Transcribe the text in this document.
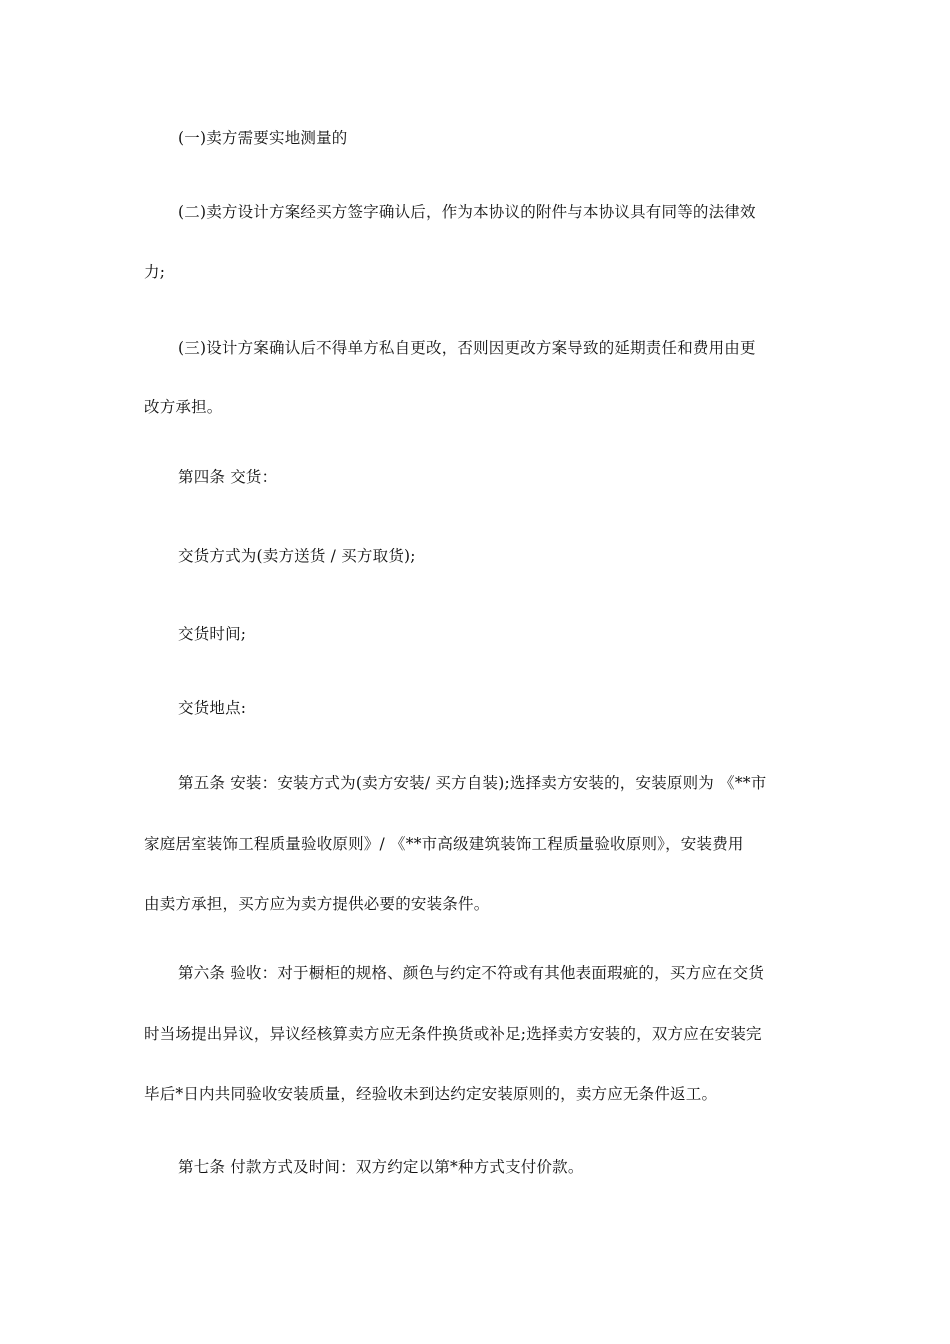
(一)卖方需要实地测量的
(二)卖方设计方案经买方签字确认后，作为本协议的附件与本协议具有同等的法律效
力;
(三)设计方案确认后不得单方私自更改，否则因更改方案导致的延期责任和费用由更
改方承担。
第四条 交货：
交货方式为(卖方送货 / 买方取货);
交货时间;
交货地点:
第五条 安装：安装方式为(卖方安装/ 买方自装);选择卖方安装的，安装原则为 《**市
家庭居室装饰工程质量验收原则》/ 《**市高级建筑装饰工程质量验收原则》，安装费用
由卖方承担，买方应为卖方提供必要的安装条件。
第六条 验收：对于橱柜的规格、颜色与约定不符或有其他表面瑕疵的，买方应在交货
时当场提出异议，异议经核算卖方应无条件换货或补足;选择卖方安装的，双方应在安装完
毕后*日内共同验收安装质量，经验收未到达约定安装原则的，卖方应无条件返工。
第七条 付款方式及时间：双方约定以第*种方式支付价款。
